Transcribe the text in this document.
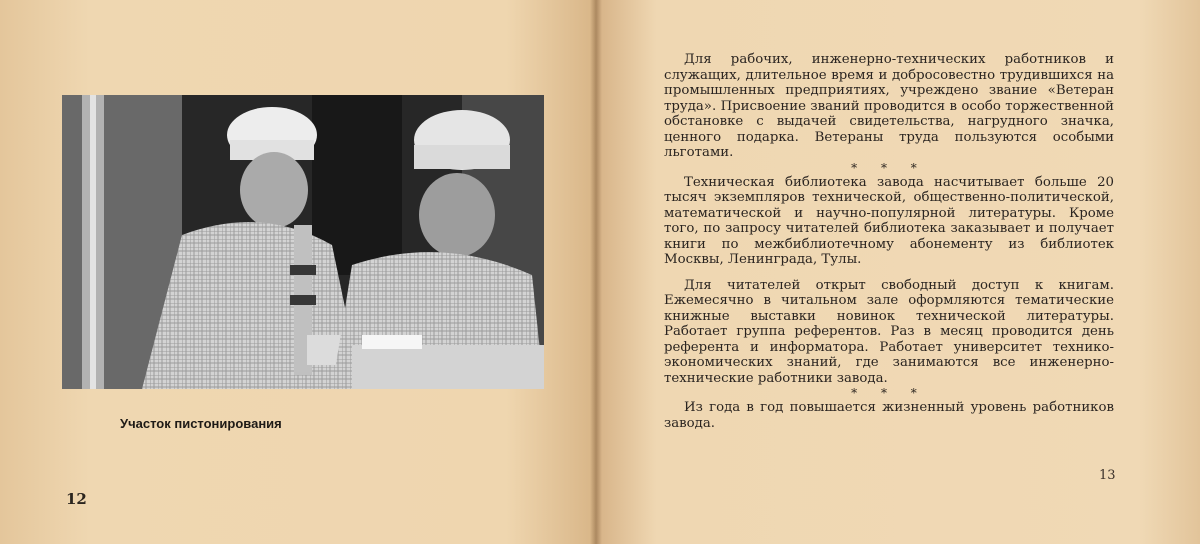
Участок пистонирования
12

Для рабочих, инженерно-технических работников и служащих, длительное время и добросовестно трудившихся на промышленных предприятиях, учреждено звание «Ветеран труда». Присвоение званий проводится в особо торжественной обстановке с выдачей свидетельства, нагрудного значка, ценного подарка. Ветераны труда пользуются особыми льготами.

* * *

Техническая библиотека завода насчитывает больше 20 тысяч экземпляров технической, общественно-политической, математической и научно-популярной литературы. Кроме того, по запросу читателей библиотека заказывает и получает книги по межбиблиотечному абонементу из библиотек Москвы, Ленинграда, Тулы.

Для читателей открыт свободный доступ к книгам. Ежемесячно в читальном зале оформляются тематические книжные выставки новинок технической литературы. Работает группа референтов. Раз в месяц проводится день референта и информатора. Работает университет технико-экономических знаний, где занимаются все инженерно-технические работники завода.

* * *

Из года в год повышается жизненный уровень работников завода.

13
